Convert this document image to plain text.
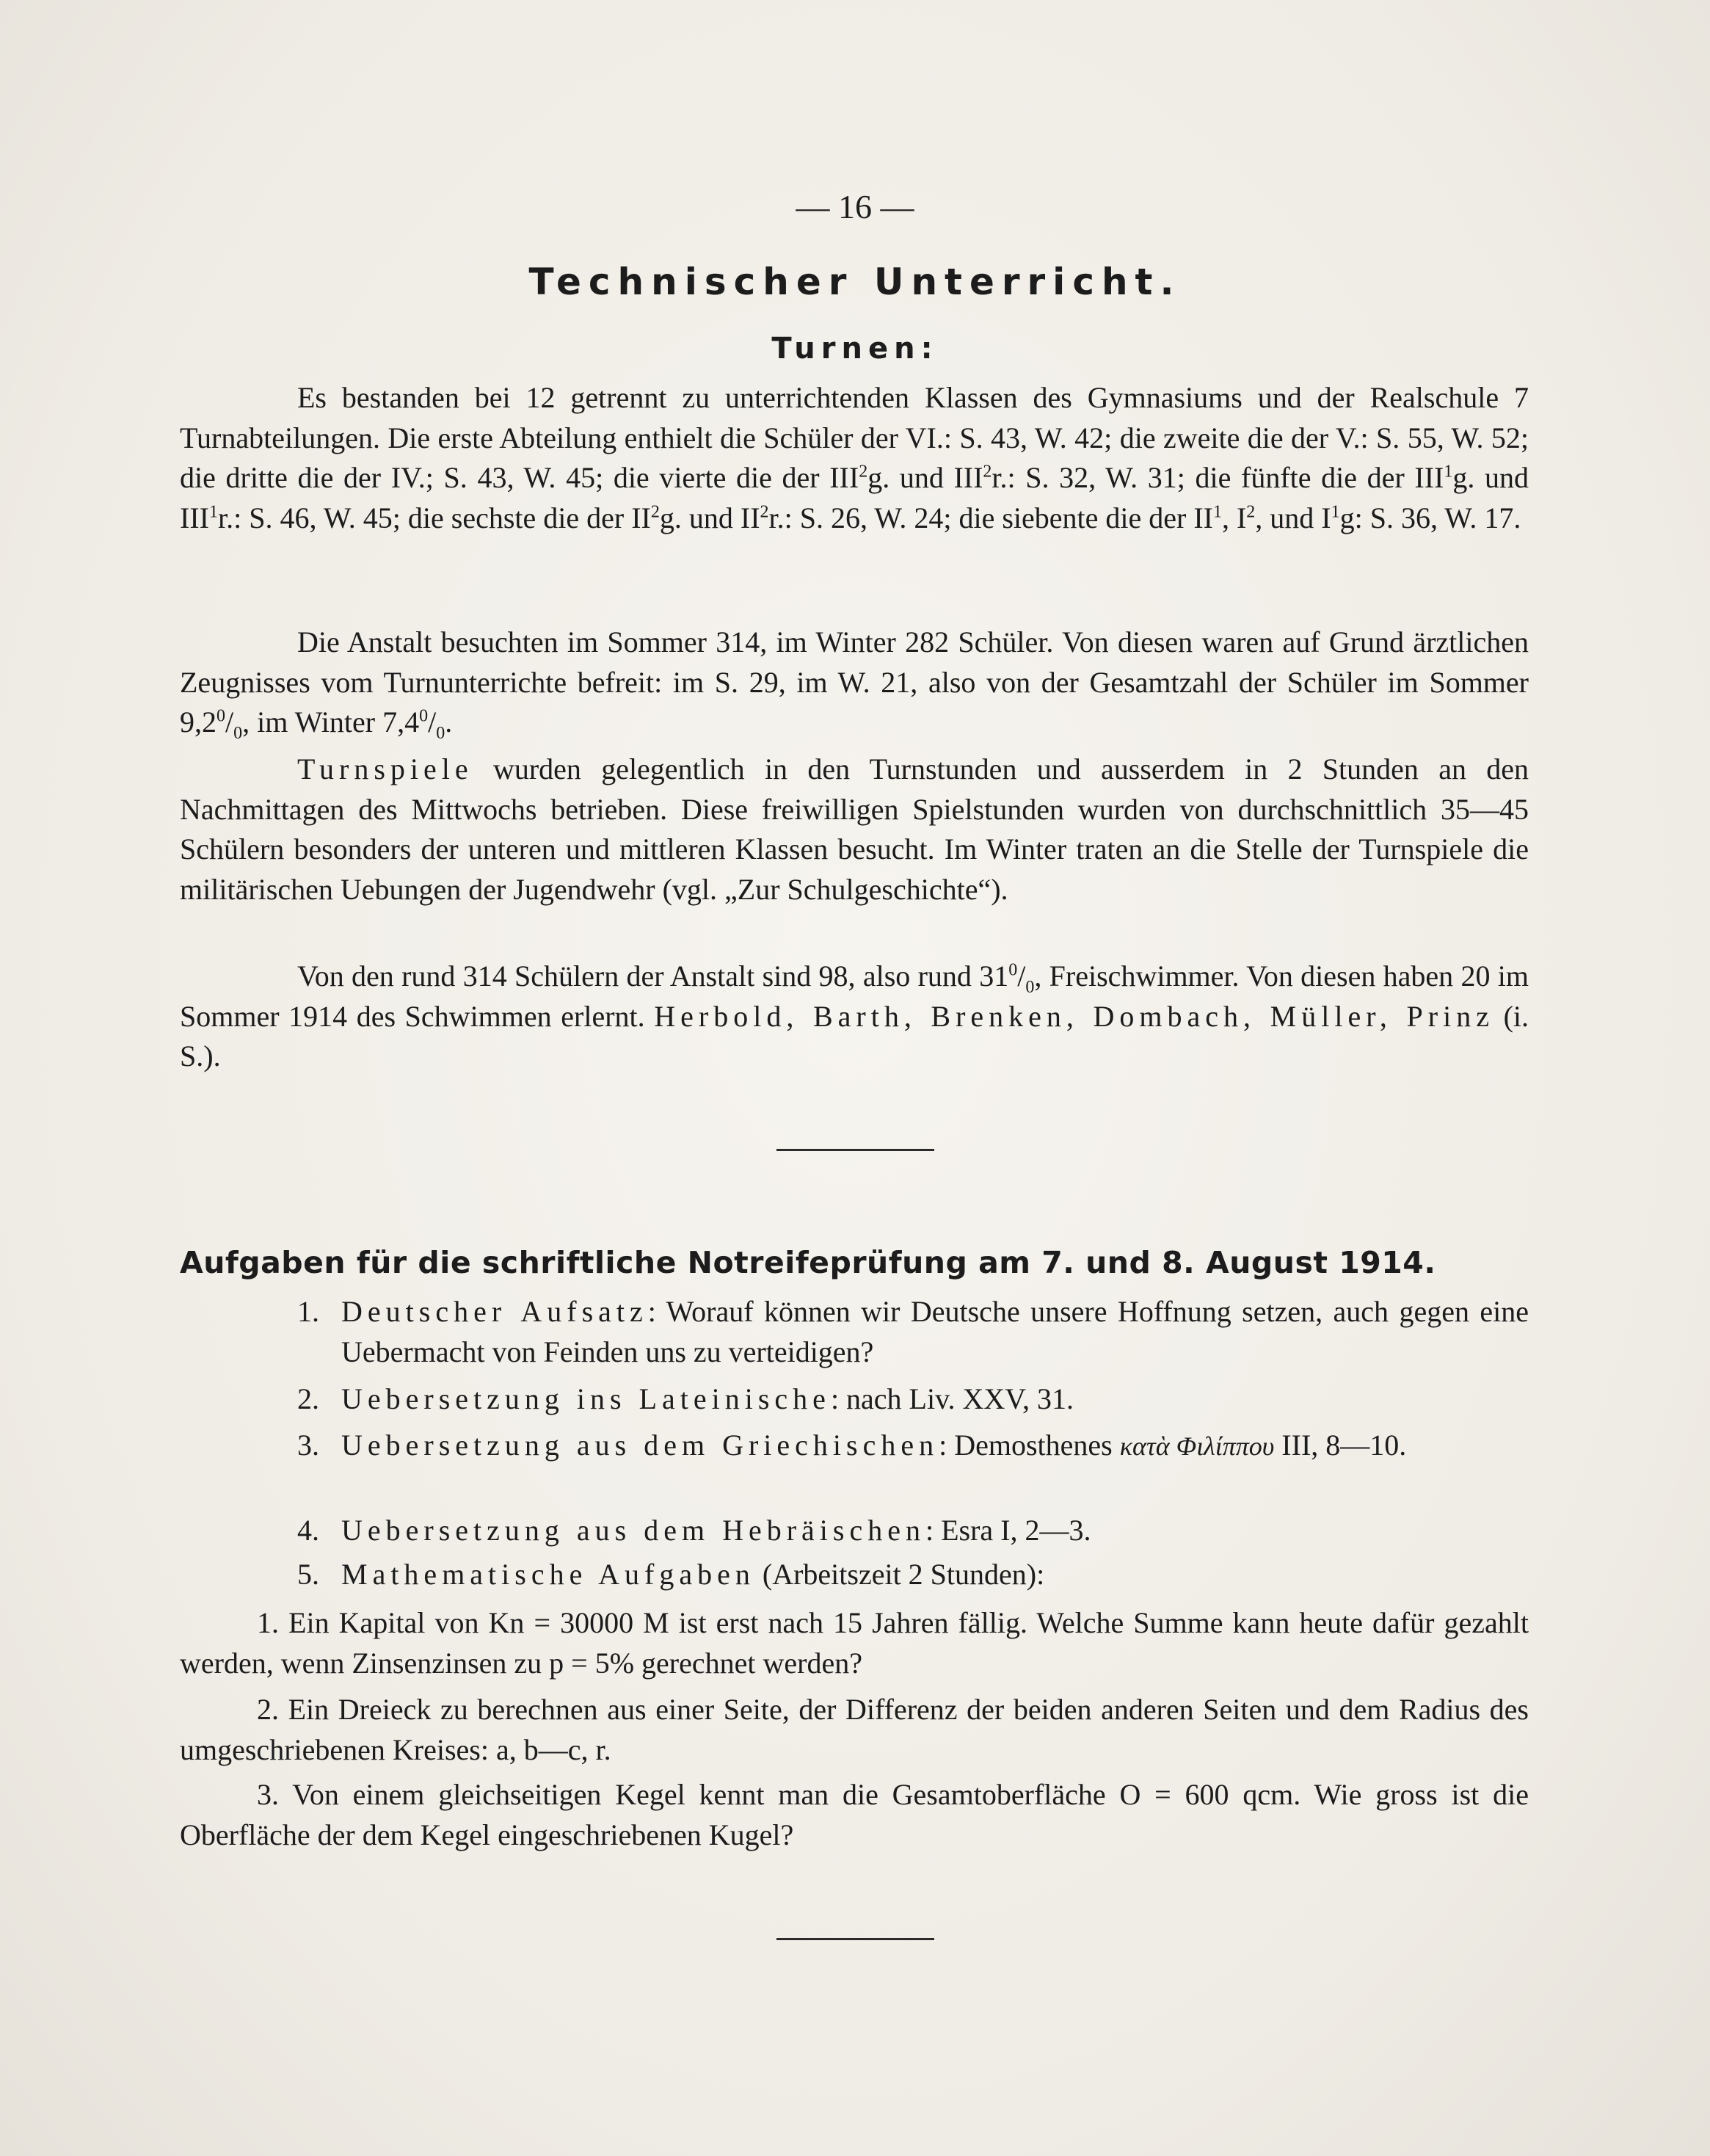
— 16 —
Technischer Unterricht.
Turnen:

Es bestanden bei 12 getrennt zu unterrichtenden Klassen des Gymnasiums und der Realschule 7 Turnabteilungen. Die erste Abteilung enthielt die Schüler der VI.: S. 43, W. 42; die zweite die der V.: S. 55, W. 52; die dritte die der IV.; S. 43, W. 45; die vierte die der III$^2$g. und III$^2$r.: S. 32, W. 31; die fünfte die der III$^1$g. und III$^1$r.: S. 46, W. 45; die sechste die der $II^2g$. und $II^2r$.: S. 26, W. 24; die siebente die der $II^1$, $I^2$, und $I^1g$: S. 36, W. 17.

Die Anstalt besuchten im Sommer 314, im Winter 282 Schüler. Von diesen waren auf Grund ärztlichen Zeugnisses vom Turnunterrichte befreit: im S. 29, im W. 21, also von der Gesamtzahl der Schüler im Sommer $9,2^0/_0$, im Winter $7,4^0/_0$.

Turnspiele wurden gelegentlich in den Turnstunden und ausserdem in 2 Stunden an den Nachmittagen des Mittwochs betrieben. Diese freiwilligen Spielstunden wurden von durchschnittlich 35—45 Schülern besonders der unteren und mittleren Klassen besucht. Im Winter traten an die Stelle der Turnspiele die militärischen Uebungen der Jugendwehr (vgl. „Zur Schulgeschichte“).

Von den rund 314 Schülern der Anstalt sind 98, also rund $31^0/_0$, Freischwimmer. Von diesen haben 20 im Sommer 1914 des Schwimmen erlernt. Herbold, Barth, Brenken, Dombach, Müller, Prinz (i. S.).

Aufgaben für die schriftliche Notreifeprüfung am 7. und 8. August 1914.
1. Deutscher Aufsatz: Worauf können wir Deutsche unsere Hoffnung setzen, auch gegen eine Uebermacht von Feinden uns zu verteidigen?
2. Uebersetzung ins Lateinische: nach Liv. XXV, 31.
3. Uebersetzung aus dem Griechischen: Demosthenes κατὰ Φιλίππου III, 8—10.
4. Uebersetzung aus dem Hebräischen: Esra I, 2—3.
5. Mathematische Aufgaben (Arbeitszeit 2 Stunden):

1. Ein Kapital von Kn = 30000 M ist erst nach 15 Jahren fällig. Welche Summe kann heute dafür gezahlt werden, wenn Zinsenzinsen zu p = 5% gerechnet werden?

2. Ein Dreieck zu berechnen aus einer Seite, der Differenz der beiden anderen Seiten und dem Radius des umgeschriebenen Kreises: a, b—c, r.

3. Von einem gleichseitigen Kegel kennt man die Gesamtoberfläche O = 600 qcm. Wie gross ist die Oberfläche der dem Kegel eingeschriebenen Kugel?
